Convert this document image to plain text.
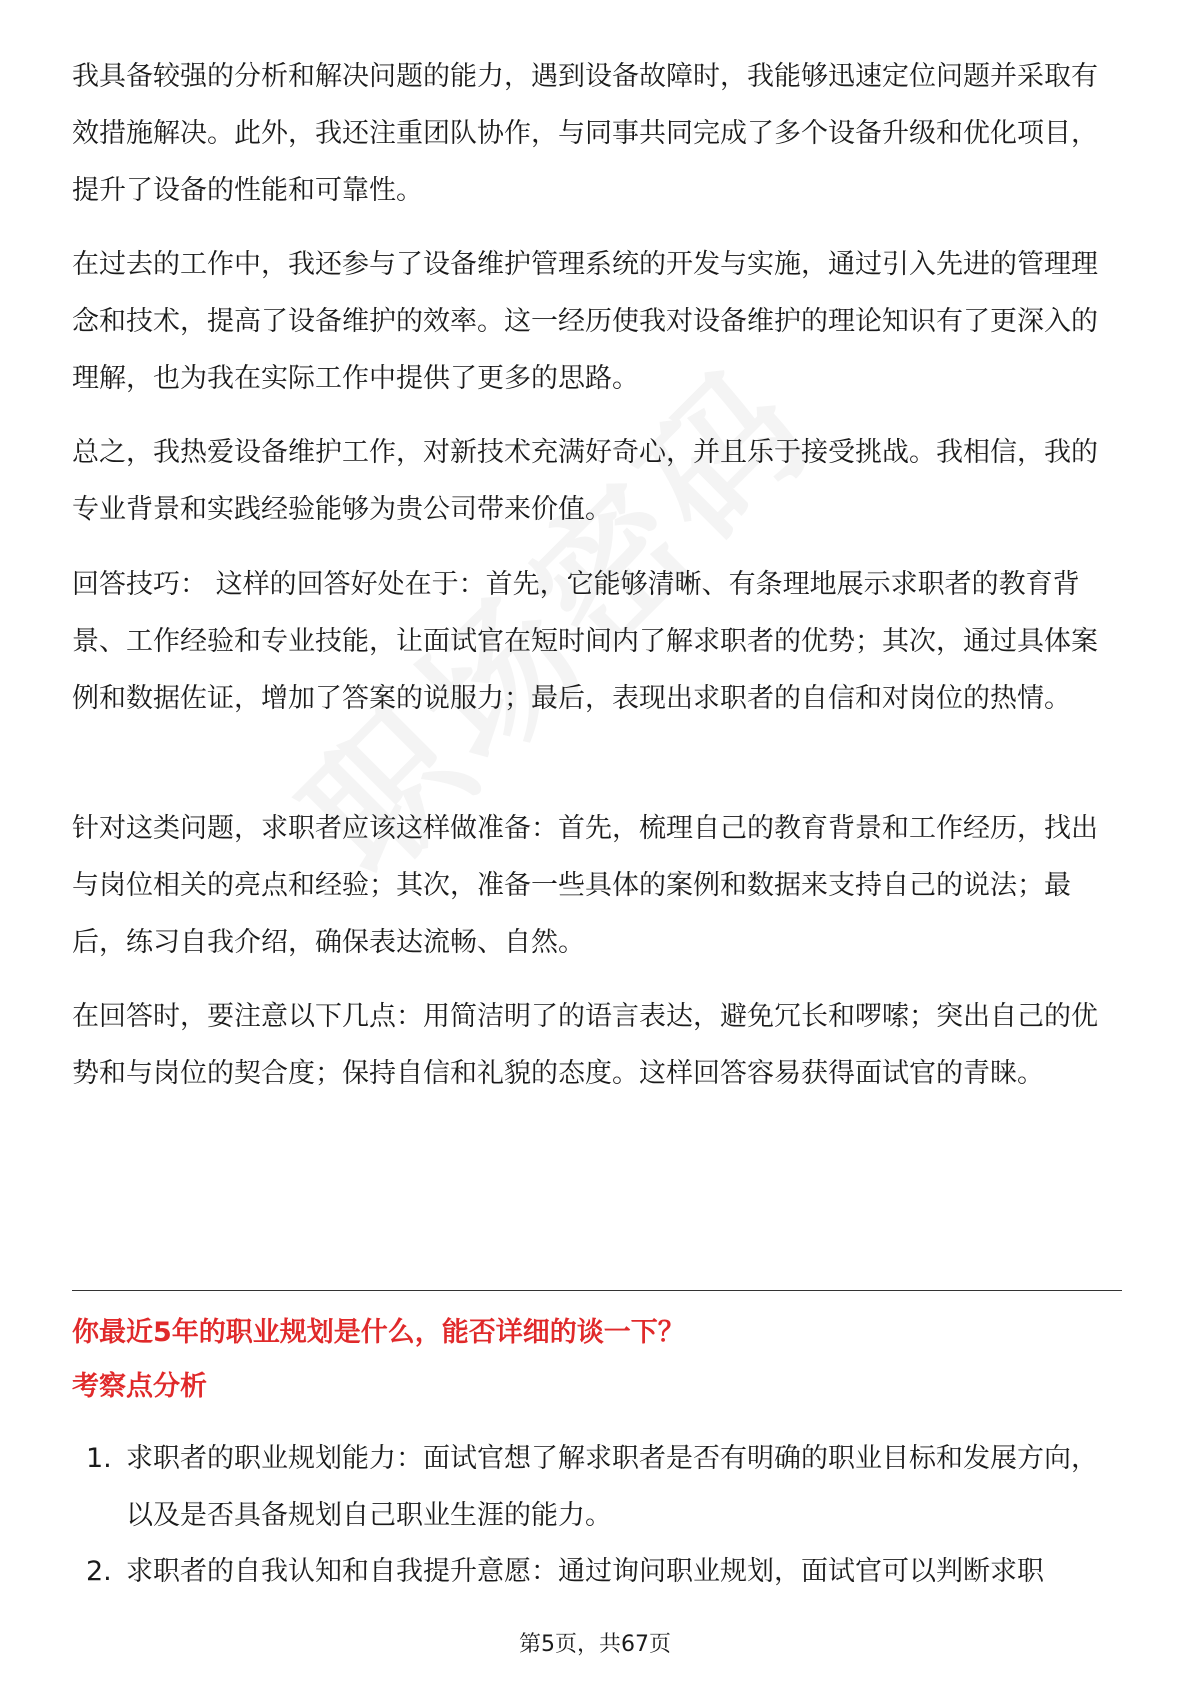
我具备较强的分析和解决问题的能力，遇到设备故障时，我能够迅速定位问题并采取有效措施解决。此外，我还注重团队协作，与同事共同完成了多个设备升级和优化项目，提升了设备的性能和可靠性。

在过去的工作中，我还参与了设备维护管理系统的开发与实施，通过引入先进的管理理念和技术，提高了设备维护的效率。这一经历使我对设备维护的理论知识有了更深入的理解，也为我在实际工作中提供了更多的思路。

总之，我热爱设备维护工作，对新技术充满好奇心，并且乐于接受挑战。我相信，我的专业背景和实践经验能够为贵公司带来价值。

回答技巧： 这样的回答好处在于：首先，它能够清晰、有条理地展示求职者的教育背景、工作经验和专业技能，让面试官在短时间内了解求职者的优势；其次，通过具体案例和数据佐证，增加了答案的说服力；最后，表现出求职者的自信和对岗位的热情。

针对这类问题，求职者应该这样做准备：首先，梳理自己的教育背景和工作经历，找出与岗位相关的亮点和经验；其次，准备一些具体的案例和数据来支持自己的说法；最后，练习自我介绍，确保表达流畅、自然。

在回答时，要注意以下几点：用简洁明了的语言表达，避免冗长和啰嗦；突出自己的优势和与岗位的契合度；保持自信和礼貌的态度。这样回答容易获得面试官的青睐。

你最近5年的职业规划是什么，能否详细的谈一下？
考察点分析
1. 求职者的职业规划能力：面试官想了解求职者是否有明确的职业目标和发展方向，以及是否具备规划自己职业生涯的能力。
2. 求职者的自我认知和自我提升意愿：通过询问职业规划，面试官可以判断求职
第5页，共67页
